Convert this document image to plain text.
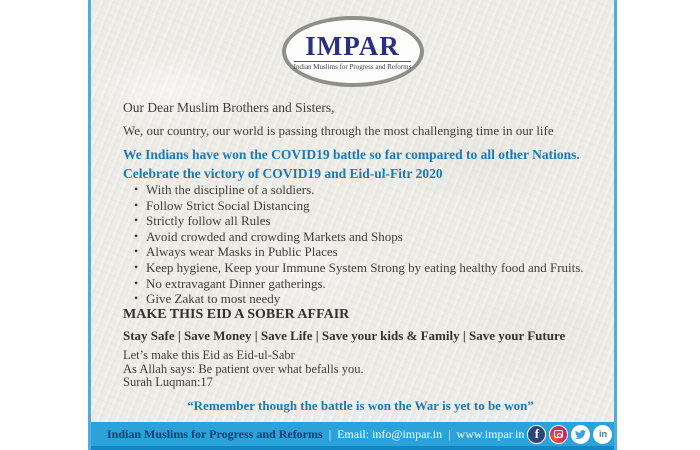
IMPAR
Indian Muslims for Progress and Reforms
Our Dear Muslim Brothers and Sisters,
We, our country, our world is passing through the most challenging time in our life
We Indians have won the COVID19 battle so far compared to all other Nations.
Celebrate the victory of COVID19 and Eid-ul-Fitr 2020
• With the discipline of a soldiers.
• Follow Strict Social Distancing
• Strictly follow all Rules
• Avoid crowded and crowding Markets and Shops
• Always wear Masks in Public Places
• Keep hygiene, Keep your Immune System Strong by eating healthy food and Fruits.
• No extravagant Dinner gatherings.
• Give Zakat to most needy
MAKE THIS EID A SOBER AFFAIR
Stay Safe | Save Money | Save Life | Save your kids & Family | Save your Future
Let’s make this Eid as Eid-ul-Sabr
As Allah says: Be patient over what befalls you.
Surah Luqman:17
“Remember though the battle is won the War is yet to be won”
Indian Muslims for Progress and Reforms | Email: info@impar.in | www.impar.in f	in
